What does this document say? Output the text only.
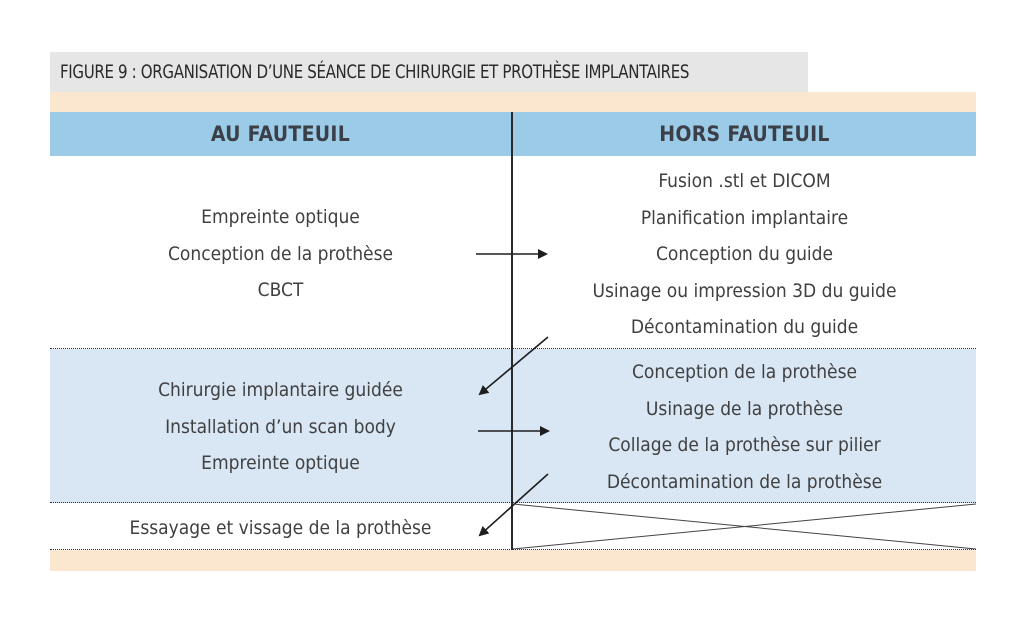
FIGURE 9 : ORGANISATION D’UNE SÉANCE DE CHIRURGIE ET PROTHÈSE IMPLANTAIRES
AU FAUTEUIL	HORS FAUTEUIL
Empreinte optique
Conception de la prothèse
CBCT
Fusion .stl et DICOM
Planification implantaire
Conception du guide
Usinage ou impression 3D du guide
Décontamination du guide
Chirurgie implantaire guidée
Installation d’un scan body
Empreinte optique
Conception de la prothèse
Usinage de la prothèse
Collage de la prothèse sur pilier
Décontamination de la prothèse
Essayage et vissage de la prothèse
